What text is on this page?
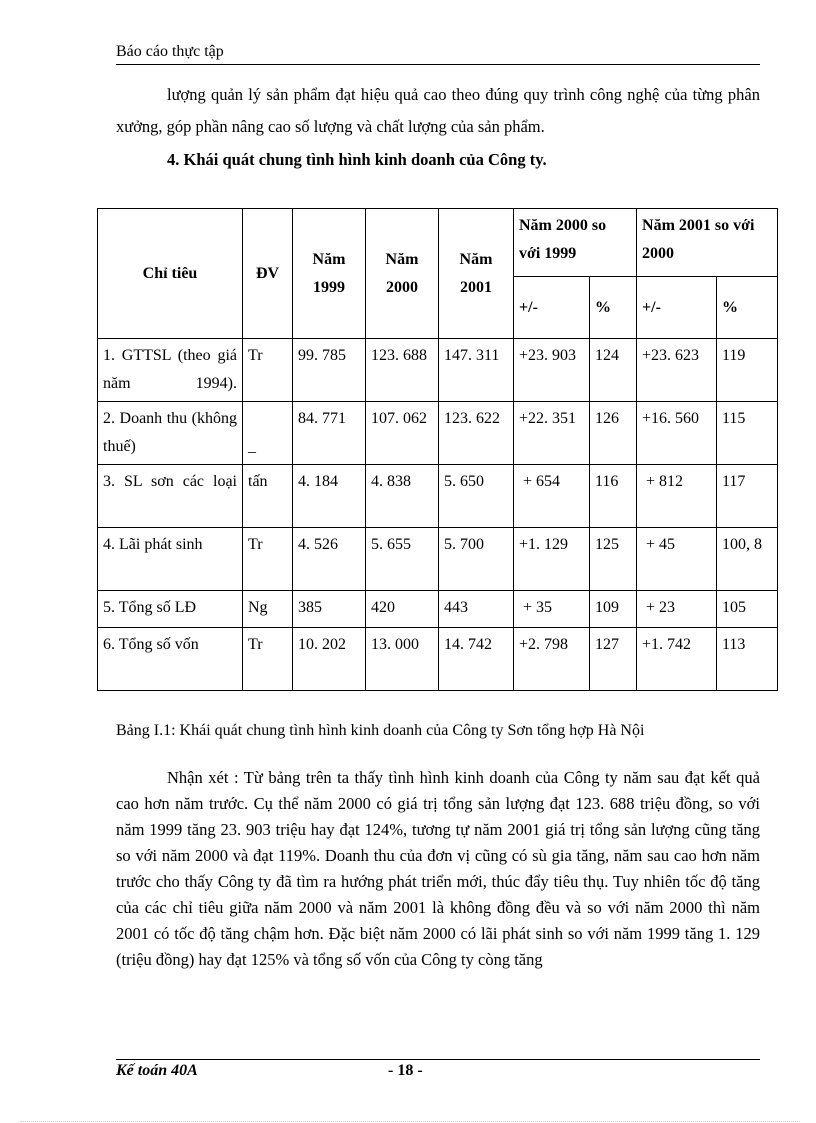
Báo cáo thực tập
lượng quản lý sản phẩm đạt hiệu quả cao theo đúng quy trình công nghệ của từng phân xưởng, góp phần nâng cao số lượng và chất lượng của sản phẩm.
4. Khái quát chung tình hình kinh doanh của Công ty.
Chỉ tiêu	ĐV	Năm 1999	Năm 2000	Năm 2001	Năm 2000 so với 1999		Năm 2001 so với 2000	
					+/-	%	+/-	%
1. GTTSL (theo giá năm 1994).	Tr	99. 785	123. 688	147. 311	+23. 903	124	+23. 623	119
2. Doanh thu (không thuế)	_	84. 771	107. 062	123. 622	+22. 351	126	+16. 560	115
3. SL sơn các loại	tấn	4. 184	4. 838	5. 650	+ 654	116	+ 812	117
4. Lãi phát sinh	Tr	4. 526	5. 655	5. 700	+1. 129	125	+ 45	100, 8
5. Tổng số LĐ	Ng	385	420	443	+ 35	109	+ 23	105
6. Tổng số vốn	Tr	10. 202	13. 000	14. 742	+2. 798	127	+1. 742	113
Bảng I.1: Khái quát chung tình hình kinh doanh của Công ty Sơn tổng hợp Hà Nội
Nhận xét : Từ bảng trên ta thấy tình hình kinh doanh của Công ty năm sau đạt kết quả cao hơn năm trước. Cụ thể năm 2000 có giá trị tổng sản lượng đạt 123. 688 triệu đồng, so với năm 1999 tăng 23. 903 triệu hay đạt 124%, tương tự năm 2001 giá trị tổng sản lượng cũng tăng so với năm 2000 và đạt 119%. Doanh thu của đơn vị cũng có sù gia tăng, năm sau cao hơn năm trước cho thấy Công ty đã tìm ra hướng phát triển mới, thúc đẩy tiêu thụ. Tuy nhiên tốc độ tăng của các chỉ tiêu giữa năm 2000 và năm 2001 là không đồng đều và so với năm 2000 thì năm 2001 có tốc độ tăng chậm hơn. Đặc biệt năm 2000 có lãi phát sinh so với năm 1999 tăng 1. 129 (triệu đồng) hay đạt 125% và tổng số vốn của Công ty còng tăng
Kế toán 40A	- 18 -
